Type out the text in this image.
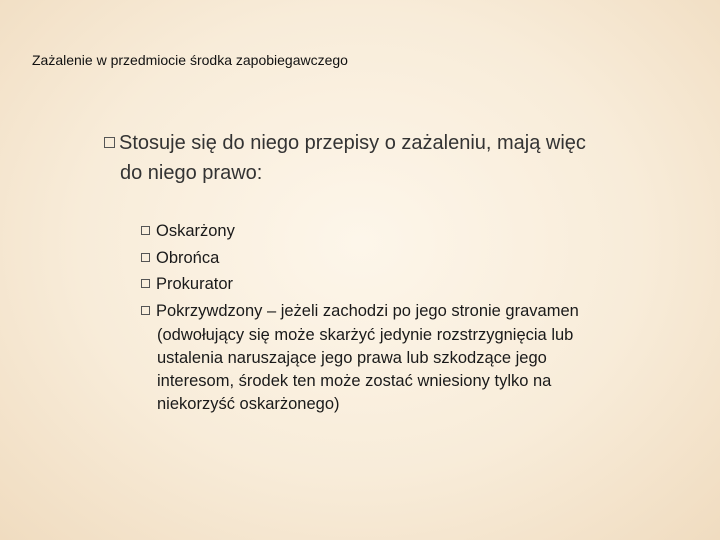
Zażalenie w przedmiocie środka zapobiegawczego
Stosuje się do niego przepisy o zażaleniu, mają więc
do niego prawo:
Oskarżony
Obrońca
Prokurator
Pokrzywdzony – jeżeli zachodzi po jego stronie gravamen
(odwołujący się może skarżyć jedynie rozstrzygnięcia lub
ustalenia naruszające jego prawa lub szkodzące jego
interesom, środek ten może zostać wniesiony tylko na
niekorzyść oskarżonego)
